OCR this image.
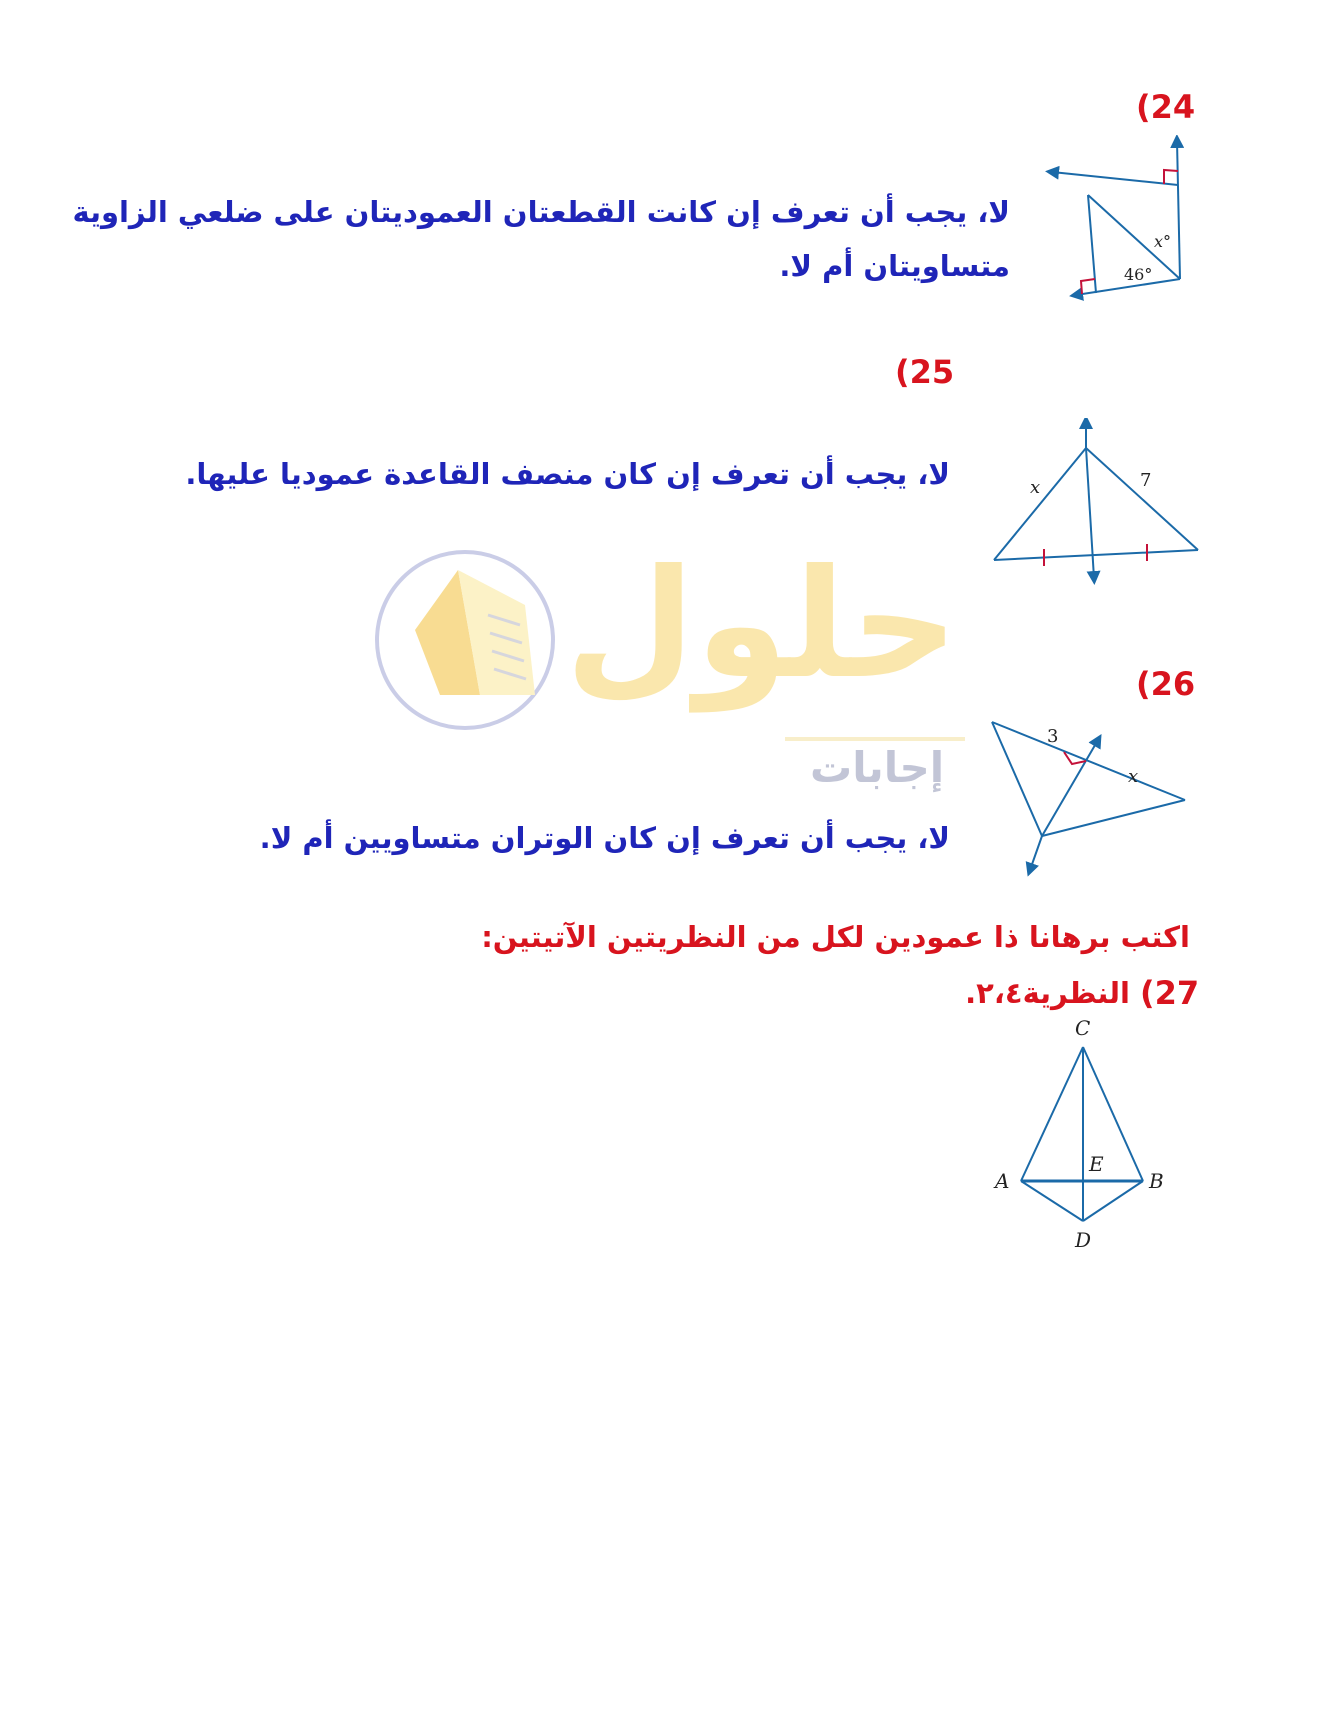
حلول
إجابات
(24
لا، يجب أن تعرف إن كانت القطعتان العموديتان على ضلعي الزاوية
متساويتان أم لا.	46°
x°
(25
لا، يجب أن تعرف إن كان منصف القاعدة عموديا عليها.	x	7
(26
لا، يجب أن تعرف إن كان الوتران متساويين أم لا.
3
x
اكتب برهانا ذا عمودين لكل من النظريتين الآتيتين:
(27
النظرية٢،٤.
C
E
A	B
D
